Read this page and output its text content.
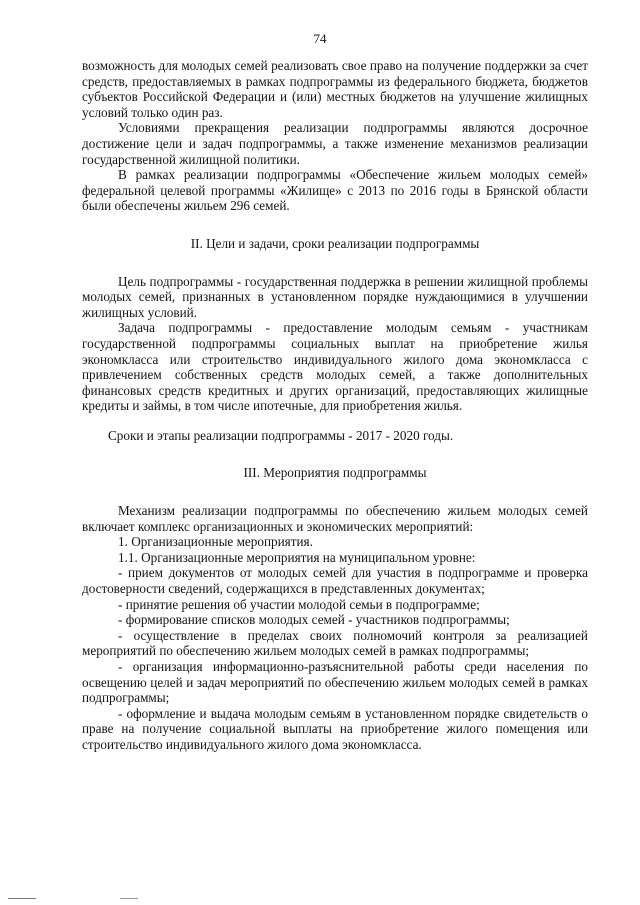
74

возможность для молодых семей реализовать свое право на получение поддержки за счет средств, предоставляемых в рамках подпрограммы из федерального бюджета, бюджетов субъектов Российской Федерации и (или) местных бюджетов на улучшение жилищных условий только один раз.

Условиями прекращения реализации подпрограммы являются досрочное достижение цели и задач подпрограммы, а также изменение механизмов реализации государственной жилищной политики.

В рамках реализации подпрограммы «Обеспечение жильем молодых семей» федеральной целевой программы «Жилище» с 2013 по 2016 годы в Брянской области были обеспечены жильем 296 семей.

II. Цели и задачи, сроки реализации подпрограммы

Цель подпрограммы - государственная поддержка в решении жилищной проблемы молодых семей, признанных в установленном порядке нуждающимися в улучшении жилищных условий.

Задача подпрограммы - предоставление молодым семьям - участникам государственной подпрограммы социальных выплат на приобретение жилья экономкласса или строительство индивидуального жилого дома экономкласса с привлечением собственных средств молодых семей, а также дополнительных финансовых средств кредитных и других организаций, предоставляющих жилищные кредиты и займы, в том числе ипотечные, для приобретения жилья.

Сроки и этапы реализации подпрограммы - 2017 - 2020 годы.

III. Мероприятия подпрограммы

Механизм реализации подпрограммы по обеспечению жильем молодых семей включает комплекс организационных и экономических мероприятий:

1. Организационные мероприятия.

1.1. Организационные мероприятия на муниципальном уровне:

- прием документов от молодых семей для участия в подпрограмме и проверка достоверности сведений, содержащихся в представленных документах;

- принятие решения об участии молодой семьи в подпрограмме;

- формирование списков молодых семей - участников подпрограммы;

- осуществление в пределах своих полномочий контроля за реализацией мероприятий по обеспечению жильем молодых семей в рамках подпрограммы;

- организация информационно-разъяснительной работы среди населения по освещению целей и задач мероприятий по обеспечению жильем молодых семей в рамках подпрограммы;

- оформление и выдача молодым семьям в установленном порядке свидетельств о праве на получение социальной выплаты на приобретение жилого помещения или строительство индивидуального жилого дома экономкласса.
